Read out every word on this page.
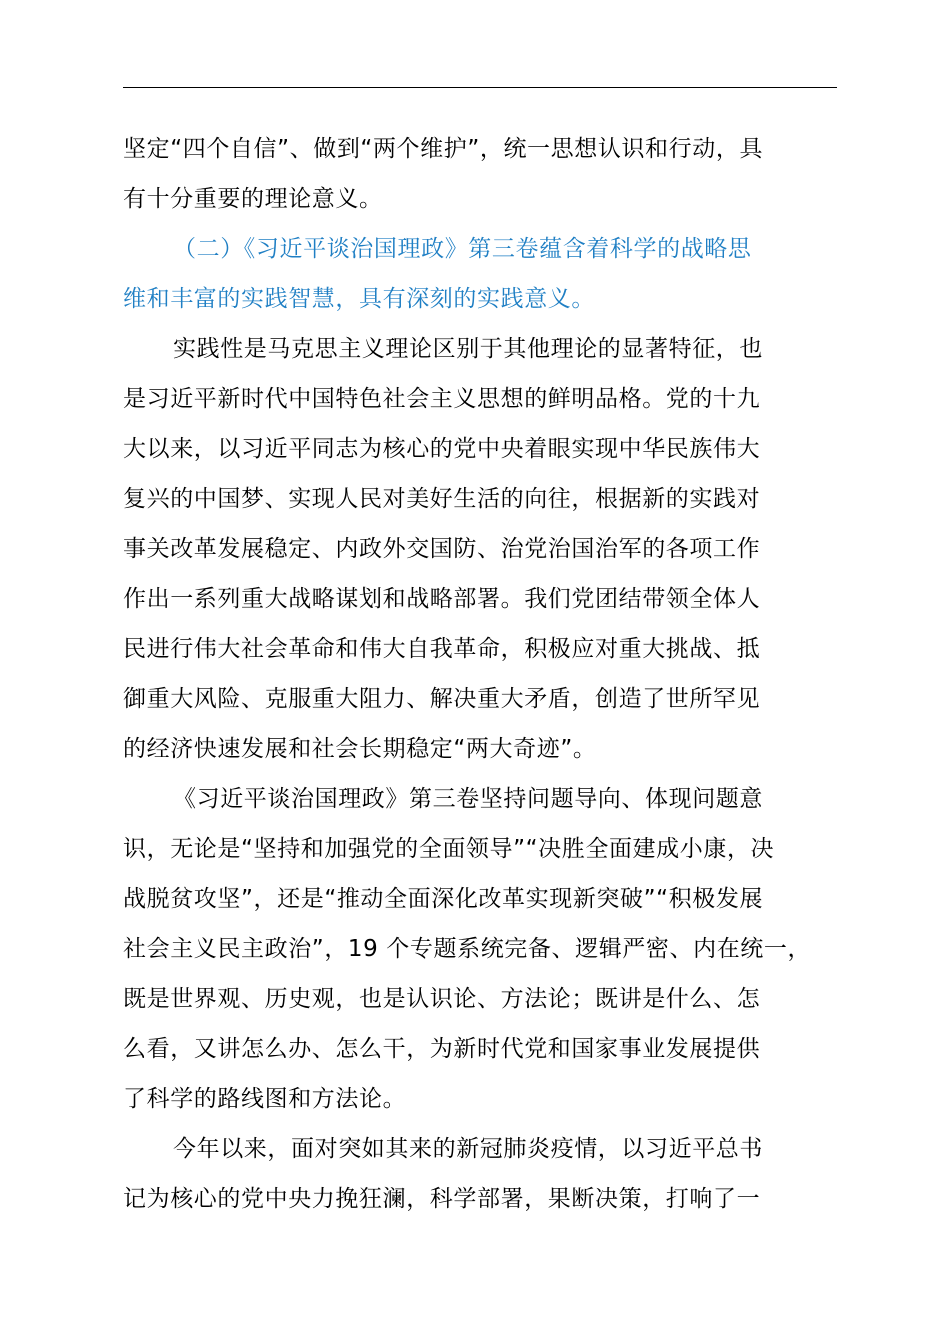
坚定“四个自信”、做到“两个维护”，统一思想认识和行动，具
有十分重要的理论意义。
（二）《习近平谈治国理政》第三卷蕴含着科学的战略思
维和丰富的实践智慧，具有深刻的实践意义。
实践性是马克思主义理论区别于其他理论的显著特征，也
是习近平新时代中国特色社会主义思想的鲜明品格。党的十九
大以来，以习近平同志为核心的党中央着眼实现中华民族伟大
复兴的中国梦、实现人民对美好生活的向往，根据新的实践对
事关改革发展稳定、内政外交国防、治党治国治军的各项工作
作出一系列重大战略谋划和战略部署。我们党团结带领全体人
民进行伟大社会革命和伟大自我革命，积极应对重大挑战、抵
御重大风险、克服重大阻力、解决重大矛盾，创造了世所罕见
的经济快速发展和社会长期稳定“两大奇迹”。
《习近平谈治国理政》第三卷坚持问题导向、体现问题意
识，无论是“坚持和加强党的全面领导”“决胜全面建成小康，决
战脱贫攻坚”，还是“推动全面深化改革实现新突破”“积极发展
社会主义民主政治”，19 个专题系统完备、逻辑严密、内在统一，
既是世界观、历史观，也是认识论、方法论；既讲是什么、怎
么看，又讲怎么办、怎么干，为新时代党和国家事业发展提供
了科学的路线图和方法论。
今年以来，面对突如其来的新冠肺炎疫情，以习近平总书
记为核心的党中央力挽狂澜，科学部署，果断决策，打响了一
